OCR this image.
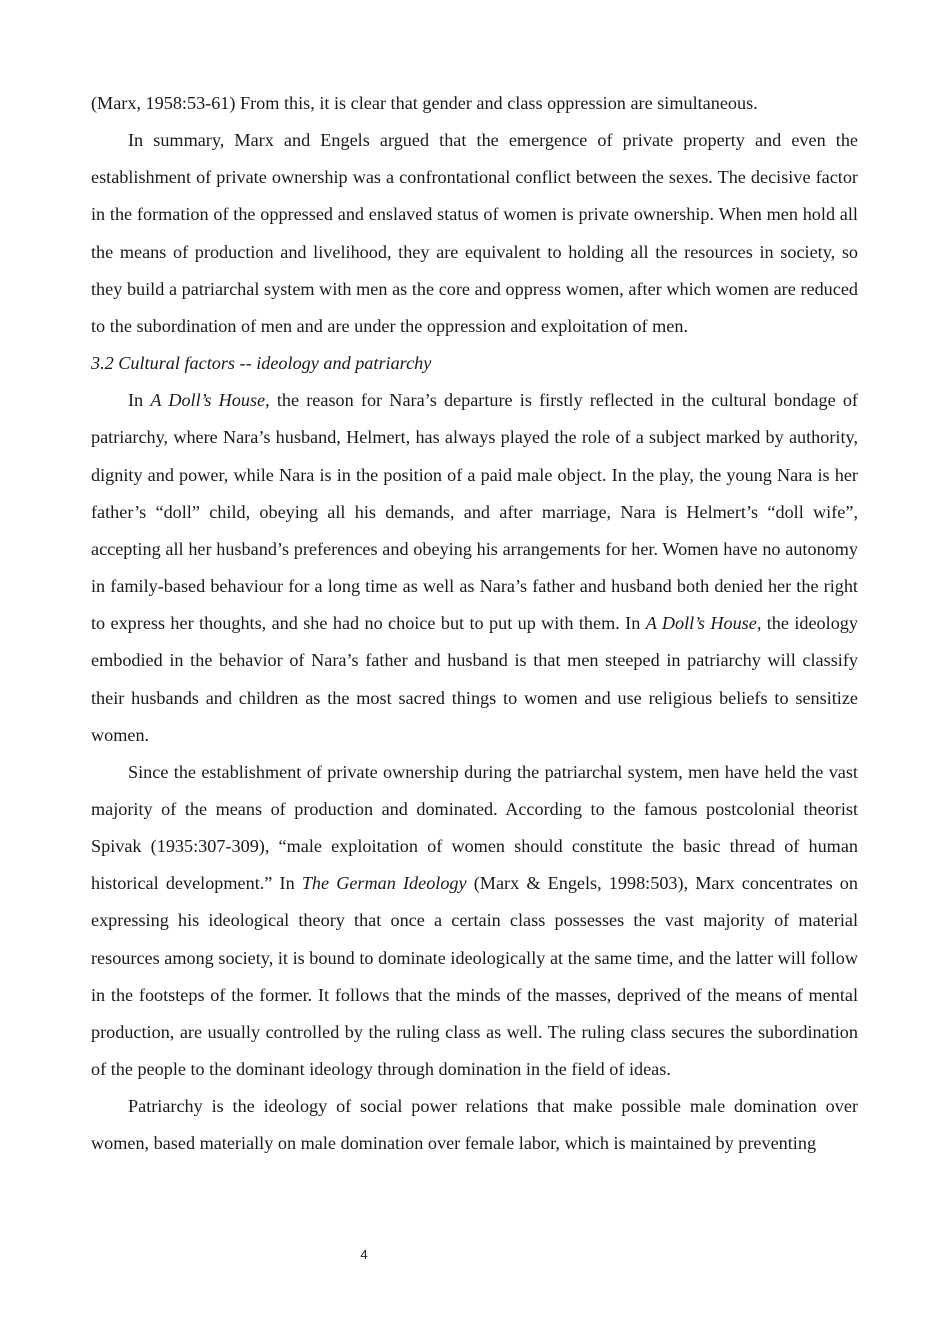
(Marx, 1958:53-61) From this, it is clear that gender and class oppression are simultaneous.

In summary, Marx and Engels argued that the emergence of private property and even the establishment of private ownership was a confrontational conflict between the sexes. The decisive factor in the formation of the oppressed and enslaved status of women is private ownership. When men hold all the means of production and livelihood, they are equivalent to holding all the resources in society, so they build a patriarchal system with men as the core and oppress women, after which women are reduced to the subordination of men and are under the oppression and exploitation of men.

3.2 Cultural factors -- ideology and patriarchy

In A Doll’s House, the reason for Nara’s departure is firstly reflected in the cultural bondage of patriarchy, where Nara’s husband, Helmert, has always played the role of a subject marked by authority, dignity and power, while Nara is in the position of a paid male object. In the play, the young Nara is her father’s “doll” child, obeying all his demands, and after marriage, Nara is Helmert’s “doll wife”, accepting all her husband’s preferences and obeying his arrangements for her. Women have no autonomy in family-based behaviour for a long time as well as Nara’s father and husband both denied her the right to express her thoughts, and she had no choice but to put up with them. In A Doll’s House, the ideology embodied in the behavior of Nara’s father and husband is that men steeped in patriarchy will classify their husbands and children as the most sacred things to women and use religious beliefs to sensitize women.

Since the establishment of private ownership during the patriarchal system, men have held the vast majority of the means of production and dominated. According to the famous postcolonial theorist Spivak (1935:307-309), “male exploitation of women should constitute the basic thread of human historical development.” In The German Ideology (Marx & Engels, 1998:503), Marx concentrates on expressing his ideological theory that once a certain class possesses the vast majority of material resources among society, it is bound to dominate ideologically at the same time, and the latter will follow in the footsteps of the former. It follows that the minds of the masses, deprived of the means of mental production, are usually controlled by the ruling class as well. The ruling class secures the subordination of the people to the dominant ideology through domination in the field of ideas.

Patriarchy is the ideology of social power relations that make possible male domination over women, based materially on male domination over female labor, which is maintained by preventing

4
